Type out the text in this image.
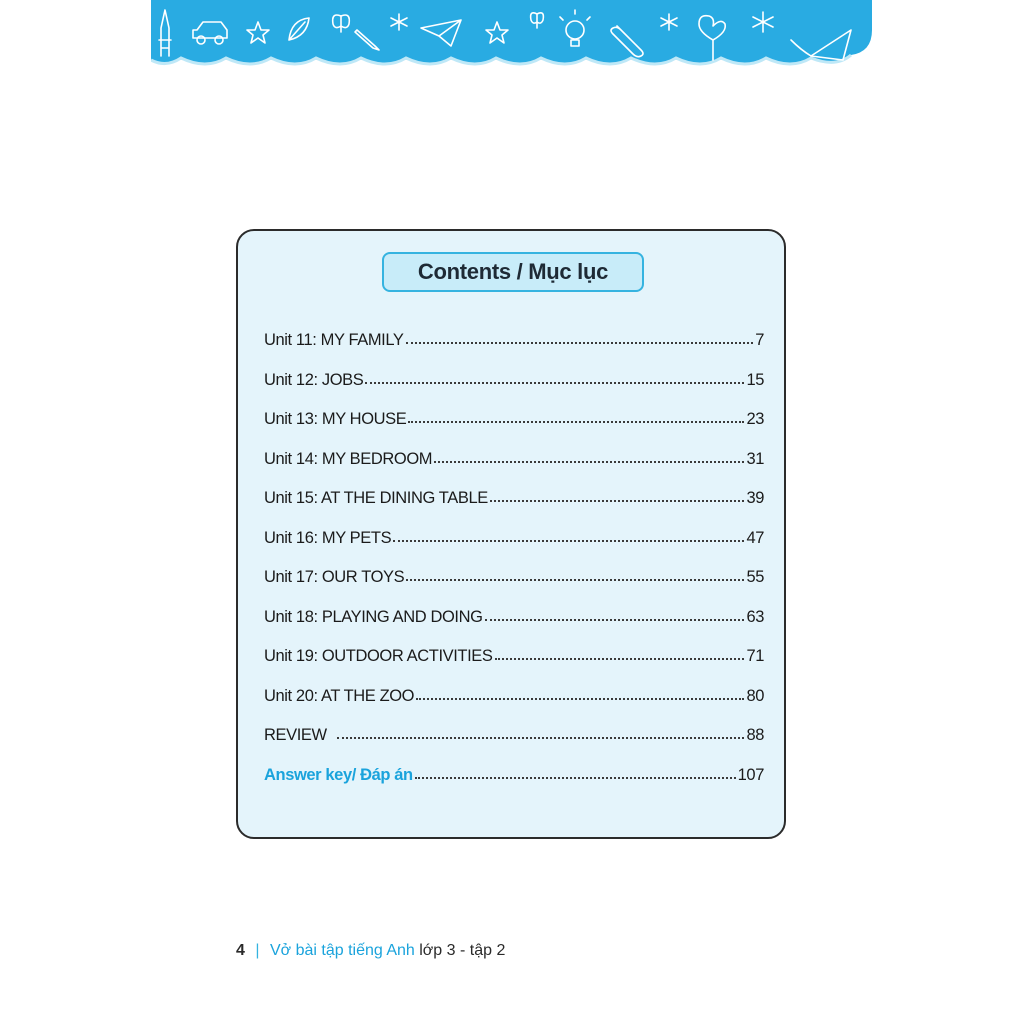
Contents / Mục lục
Unit 11: MY FAMILY	7
Unit 12: JOBS	15
Unit 13: MY HOUSE	23
Unit 14: MY BEDROOM	31
Unit 15: AT THE DINING TABLE	39
Unit 16: MY PETS	47
Unit 17: OUR TOYS	55
Unit 18: PLAYING AND DOING	63
Unit 19: OUTDOOR ACTIVITIES	71
Unit 20: AT THE ZOO	80
REVIEW	88
Answer key/ Đáp án	107
4 | Vở bài tập tiếng Anh lớp 3 - tập 2
